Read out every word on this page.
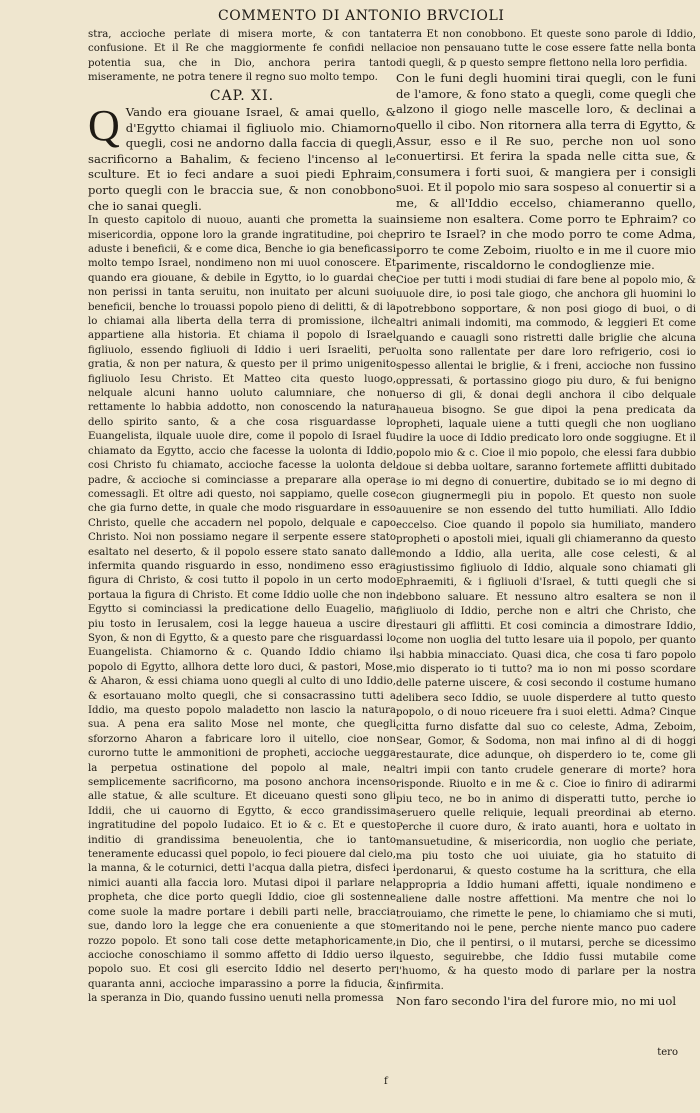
COMMENTO DI ANTONIO BRVCIOLI

stra, accioche perlate di misera morte, & con tanta confusione. Et il Re che maggiormente fe confidi nella potentia sua, che in Dio, anchora perira tanto miseramente, ne potra tenere il regno suo molto tempo.

CAP. XI.

Q Vando era giouane Israel, & amai quello, & d'Egytto chiamai il figliuolo mio. Chiamorno quegli, cosi ne andorno dalla faccia di quegli, sacrificorno a Bahalim, & fecieno l'incenso al le sculture. Et io feci andare a suoi piedi Ephraim, porto quegli con le braccia sue, & non conobbono che io sanai quegli.

In questo capitolo di nuouo, auanti che prometta la sua misericordia, oppone loro la grande ingratitudine, poi che aduste i beneficii, & e come dica, Benche io gia beneficassi molto tempo Israel, nondimeno non mi uuol conoscere. Et quando era giouane, & debile in Egytto, io lo guardai che non perissi in tanta seruitu, non inuitato per alcuni suoi beneficii, benche lo trouassi popolo pieno di delitti, & di la lo chiamai alla liberta della terra di promissione, ilche appartiene alla historia. Et chiama il popolo di Israel figliuolo, essendo figliuoli di Iddio i ueri Israeliti, per gratia, & non per natura, & questo per il primo unigenito figliuolo Iesu Christo. Et Matteo cita questo luogo, nelquale alcuni hanno uoluto calumniare, che non rettamente lo habbia addotto, non conoscendo la natura dello spirito santo, & a che cosa risguardasse lo Euangelista, ilquale uuole dire, come il popolo di Israel fu chiamato da Egytto, accio che facesse la uolonta di Iddio, cosi Christo fu chiamato, accioche facesse la uolonta del padre, & accioche si cominciasse a preparare alla opera comessagli. Et oltre adi questo, noi sappiamo, quelle cose che gia furno dette, in quale che modo risguardare in esso Christo, quelle che accadern nel popolo, delquale e capo Christo. Noi non possiamo negare il serpente essere stato esaltato nel deserto, & il popolo essere stato sanato dalle infermita quando risguardo in esso, nondimeno esso era figura di Christo, & cosi tutto il popolo in un certo modo portaua la figura di Christo. Et come Iddio uolle che non in Egytto si cominciassi la predicatione dello Euagelio, ma piu tosto in Ierusalem, cosi la legge haueua a uscire di Syon, & non di Egytto, & a questo pare che risguardassi lo Euangelista. Chiamorno & c. Quando Iddio chiamo il popolo di Egytto, allhora dette loro duci, & pastori, Mose, & Aharon, & essi chiama uono quegli al culto di uno Iddio, & esortauano molto quegli, che si consacrassino tutti a Iddio, ma questo popolo maladetto non lascio la natura sua. A pena era salito Mose nel monte, che quegli sforzorno Aharon a fabricare loro il uitello, cioe non curorno tutte le ammonitioni de propheti, accioche uegga la perpetua ostinatione del popolo al male, ne semplicemente sacrificorno, ma posono anchora incenso alle statue, & alle sculture. Et diceuano questi sono gli Iddii, che ui cauorno di Egytto, & ecco grandissima ingratitudine del popolo Iudaico. Et io & c. Et e questo inditio di grandissima beneuolentia, che io tanto teneramente educassi quel popolo, io feci piouere dal cielo, la manna, & le coturnici, detti l'acqua dalla pietra, disfeci i nimici auanti alla faccia loro. Mutasi dipoi il parlare nel propheta, che dice porto quegli Iddio, cioe gli sostenne come suole la madre portare i debili parti nelle, braccia sue, dando loro la legge che era conueniente a que sto rozzo popolo. Et sono tali cose dette metaphoricamente, accioche conoschiamo il sommo affetto di Iddio uerso il popolo suo. Et cosi gli esercito Iddio nel deserto per quaranta anni, accioche imparassino a porre la fiducia, & la speranza in Dio, quando fussino uenuti nella promessa

terra Et non conobbono. Et queste sono parole di Iddio, cioe non pensauano tutte le cose essere fatte nella bonta di quegli, & p questo sempre flettono nella loro perfidia.

Con le funi degli huomini tirai quegli, con le funi de l'amore, & fono stato a quegli, come quegli che alzono il giogo nelle mascelle loro, & declinai a quello il cibo. Non ritornera alla terra di Egytto, & Assur, esso e il Re suo, perche non uol sono conuertirsi. Et ferira la spada nelle citta sue, & consumera i forti suoi, & mangiera per i consigli suoi. Et il popolo mio sara sospeso al conuertir si a me, & all'Iddio eccelso, chiameranno quello, insieme non esaltera. Come porro te Ephraim? co priro te Israel? in che modo porro te come Adma, porro te come Zeboim, riuolto e in me il cuore mio parimente, riscaldorno le condoglienze mie.

Cioe per tutti i modi studiai di fare bene al popolo mio, & uuole dire, io posi tale giogo, che anchora gli huomini lo potrebbono sopportare, & non posi giogo di buoi, o di altri animali indomiti, ma commodo, & leggieri Et come quando e cauagli sono ristretti dalle briglie che alcuna uolta sono rallentate per dare loro refrigerio, cosi io spesso allentai le briglie, & i freni, accioche non fussino oppressati, & portassino giogo piu duro, & fui benigno uerso di gli, & donai degli anchora il cibo delquale haueua bisogno. Se gue dipoi la pena predicata da propheti, laquale uiene a tutti quegli che non uogliano udire la uoce di Iddio predicato loro onde soggiugne. Et il popolo mio & c. Cioe il mio popolo, che elessi fara dubbio doue si debba uoltare, saranno fortemete afflitti dubitado se io mi degno di conuertire, dubitado se io mi degno di con giugnermegli piu in popolo. Et questo non suole auuenire se non essendo del tutto humiliati. Allo Iddio eccelso. Cioe quando il popolo sia humiliato, mandero propheti o apostoli miei, iquali gli chiameranno da questo mondo a Iddio, alla uerita, alle cose celesti, & al giustissimo figliuolo di Iddio, alquale sono chiamati gli Ephraemiti, & i figliuoli d'Israel, & tutti quegli che si debbono saluare. Et nessuno altro esaltera se non il figliuolo di Iddio, perche non e altri che Christo, che restauri gli afflitti. Et cosi comincia a dimostrare Iddio, come non uoglia del tutto lesare uia il popolo, per quanto si habbia minacciato. Quasi dica, che cosa ti faro popolo mio disperato io ti tutto? ma io non mi posso scordare delle paterne uiscere, & cosi secondo il costume humano delibera seco Iddio, se uuole disperdere al tutto questo popolo, o di nouo riceuere fra i suoi eletti. Adma? Cinque citta furno disfatte dal suo co celeste, Adma, Zeboim, Sear, Gomor, & Sodoma, non mai infino al di di hoggi restaurate, dice adunque, oh disperdero io te, come gli altri impii con tanto crudele generare di morte? hora risponde. Riuolto e in me & c. Cioe io finiro di adirarmi piu teco, ne bo in animo di disperatti tutto, perche io seruero quelle reliquie, lequali preordinai ab eterno. Perche il cuore duro, & irato auanti, hora e uoltato in mansuetudine, & misericordia, non uoglio che periate, ma piu tosto che uoi uiuiate, gia ho statuito di perdonarui, & questo costume ha la scrittura, che ella appropria a Iddio humani affetti, iquale nondimeno e aliene dalle nostre affettioni. Ma mentre che noi lo trouiamo, che rimette le pene, lo chiamiamo che si muti, meritando noi le pene, perche niente manco puo cadere in Dio, che il pentirsi, o il mutarsi, perche se dicessimo questo, seguirebbe, che Iddio fussi mutabile come l'huomo, & ha questo modo di parlare per la nostra infirmita.

Non faro secondo l'ira del furore mio, no mi uol

tero
f
